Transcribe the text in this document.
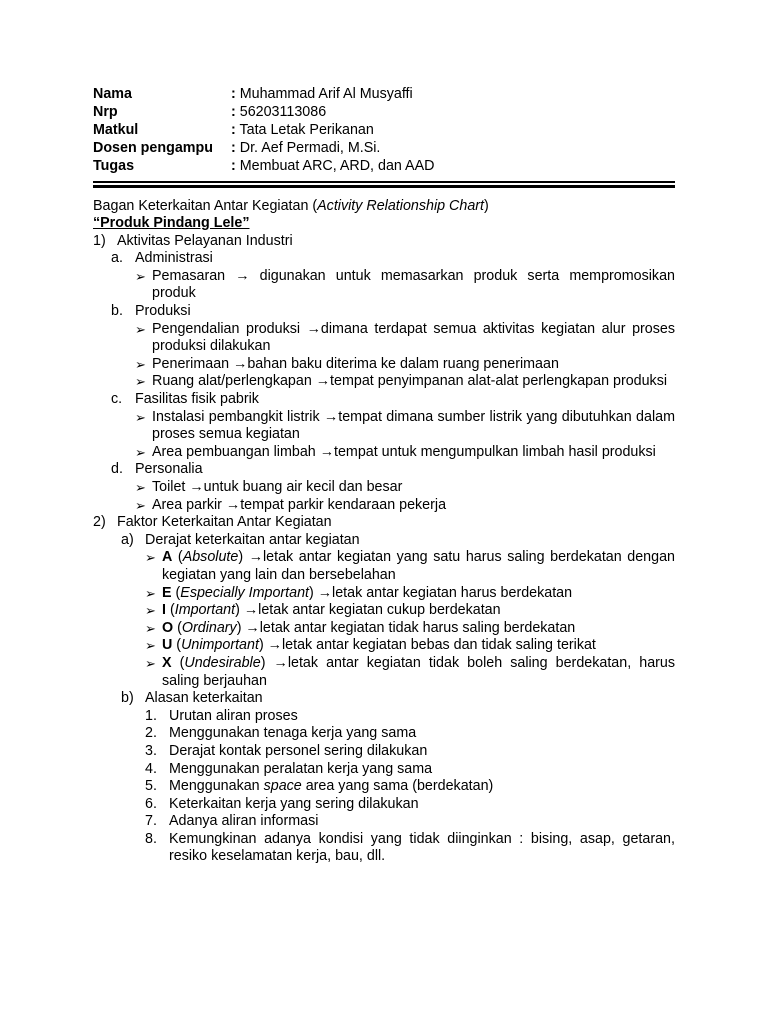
Nama	: Muhammad Arif Al Musyaffi
Nrp	: 56203113086
Matkul	: Tata Letak Perikanan
Dosen pengampu	: Dr. Aef Permadi, M.Si.
Tugas	: Membuat ARC, ARD, dan AAD
Bagan Keterkaitan Antar Kegiatan (Activity Relationship Chart)
“Produk Pindang Lele”
1) Aktivitas Pelayanan Industri
a. Administrasi
➢ Pemasaran → digunakan untuk memasarkan produk serta mempromosikan produk
b. Produksi
➢ Pengendalian produksi →dimana terdapat semua aktivitas kegiatan alur proses produksi dilakukan
➢ Penerimaan →bahan baku diterima ke dalam ruang penerimaan
➢ Ruang alat/perlengkapan →tempat penyimpanan alat-alat perlengkapan produksi
c. Fasilitas fisik pabrik
➢ Instalasi pembangkit listrik →tempat dimana sumber listrik yang dibutuhkan dalam proses semua kegiatan
➢ Area pembuangan limbah →tempat untuk mengumpulkan limbah hasil produksi
d. Personalia
➢ Toilet →untuk buang air kecil dan besar
➢ Area parkir →tempat parkir kendaraan pekerja
2) Faktor Keterkaitan Antar Kegiatan
a) Derajat keterkaitan antar kegiatan
➢ A (Absolute) →letak antar kegiatan yang satu harus saling berdekatan dengan kegiatan yang lain dan bersebelahan
➢ E (Especially Important) →letak antar kegiatan harus berdekatan
➢ I (Important) →letak antar kegiatan cukup berdekatan
➢ O (Ordinary) →letak antar kegiatan tidak harus saling berdekatan
➢ U (Unimportant) →letak antar kegiatan bebas dan tidak saling terikat
➢ X (Undesirable) →letak antar kegiatan tidak boleh saling berdekatan, harus saling berjauhan
b) Alasan keterkaitan
1. Urutan aliran proses
2. Menggunakan tenaga kerja yang sama
3. Derajat kontak personel sering dilakukan
4. Menggunakan peralatan kerja yang sama
5. Menggunakan space area yang sama (berdekatan)
6. Keterkaitan kerja yang sering dilakukan
7. Adanya aliran informasi
8. Kemungkinan adanya kondisi yang tidak diinginkan : bising, asap, getaran, resiko keselamatan kerja, bau, dll.
